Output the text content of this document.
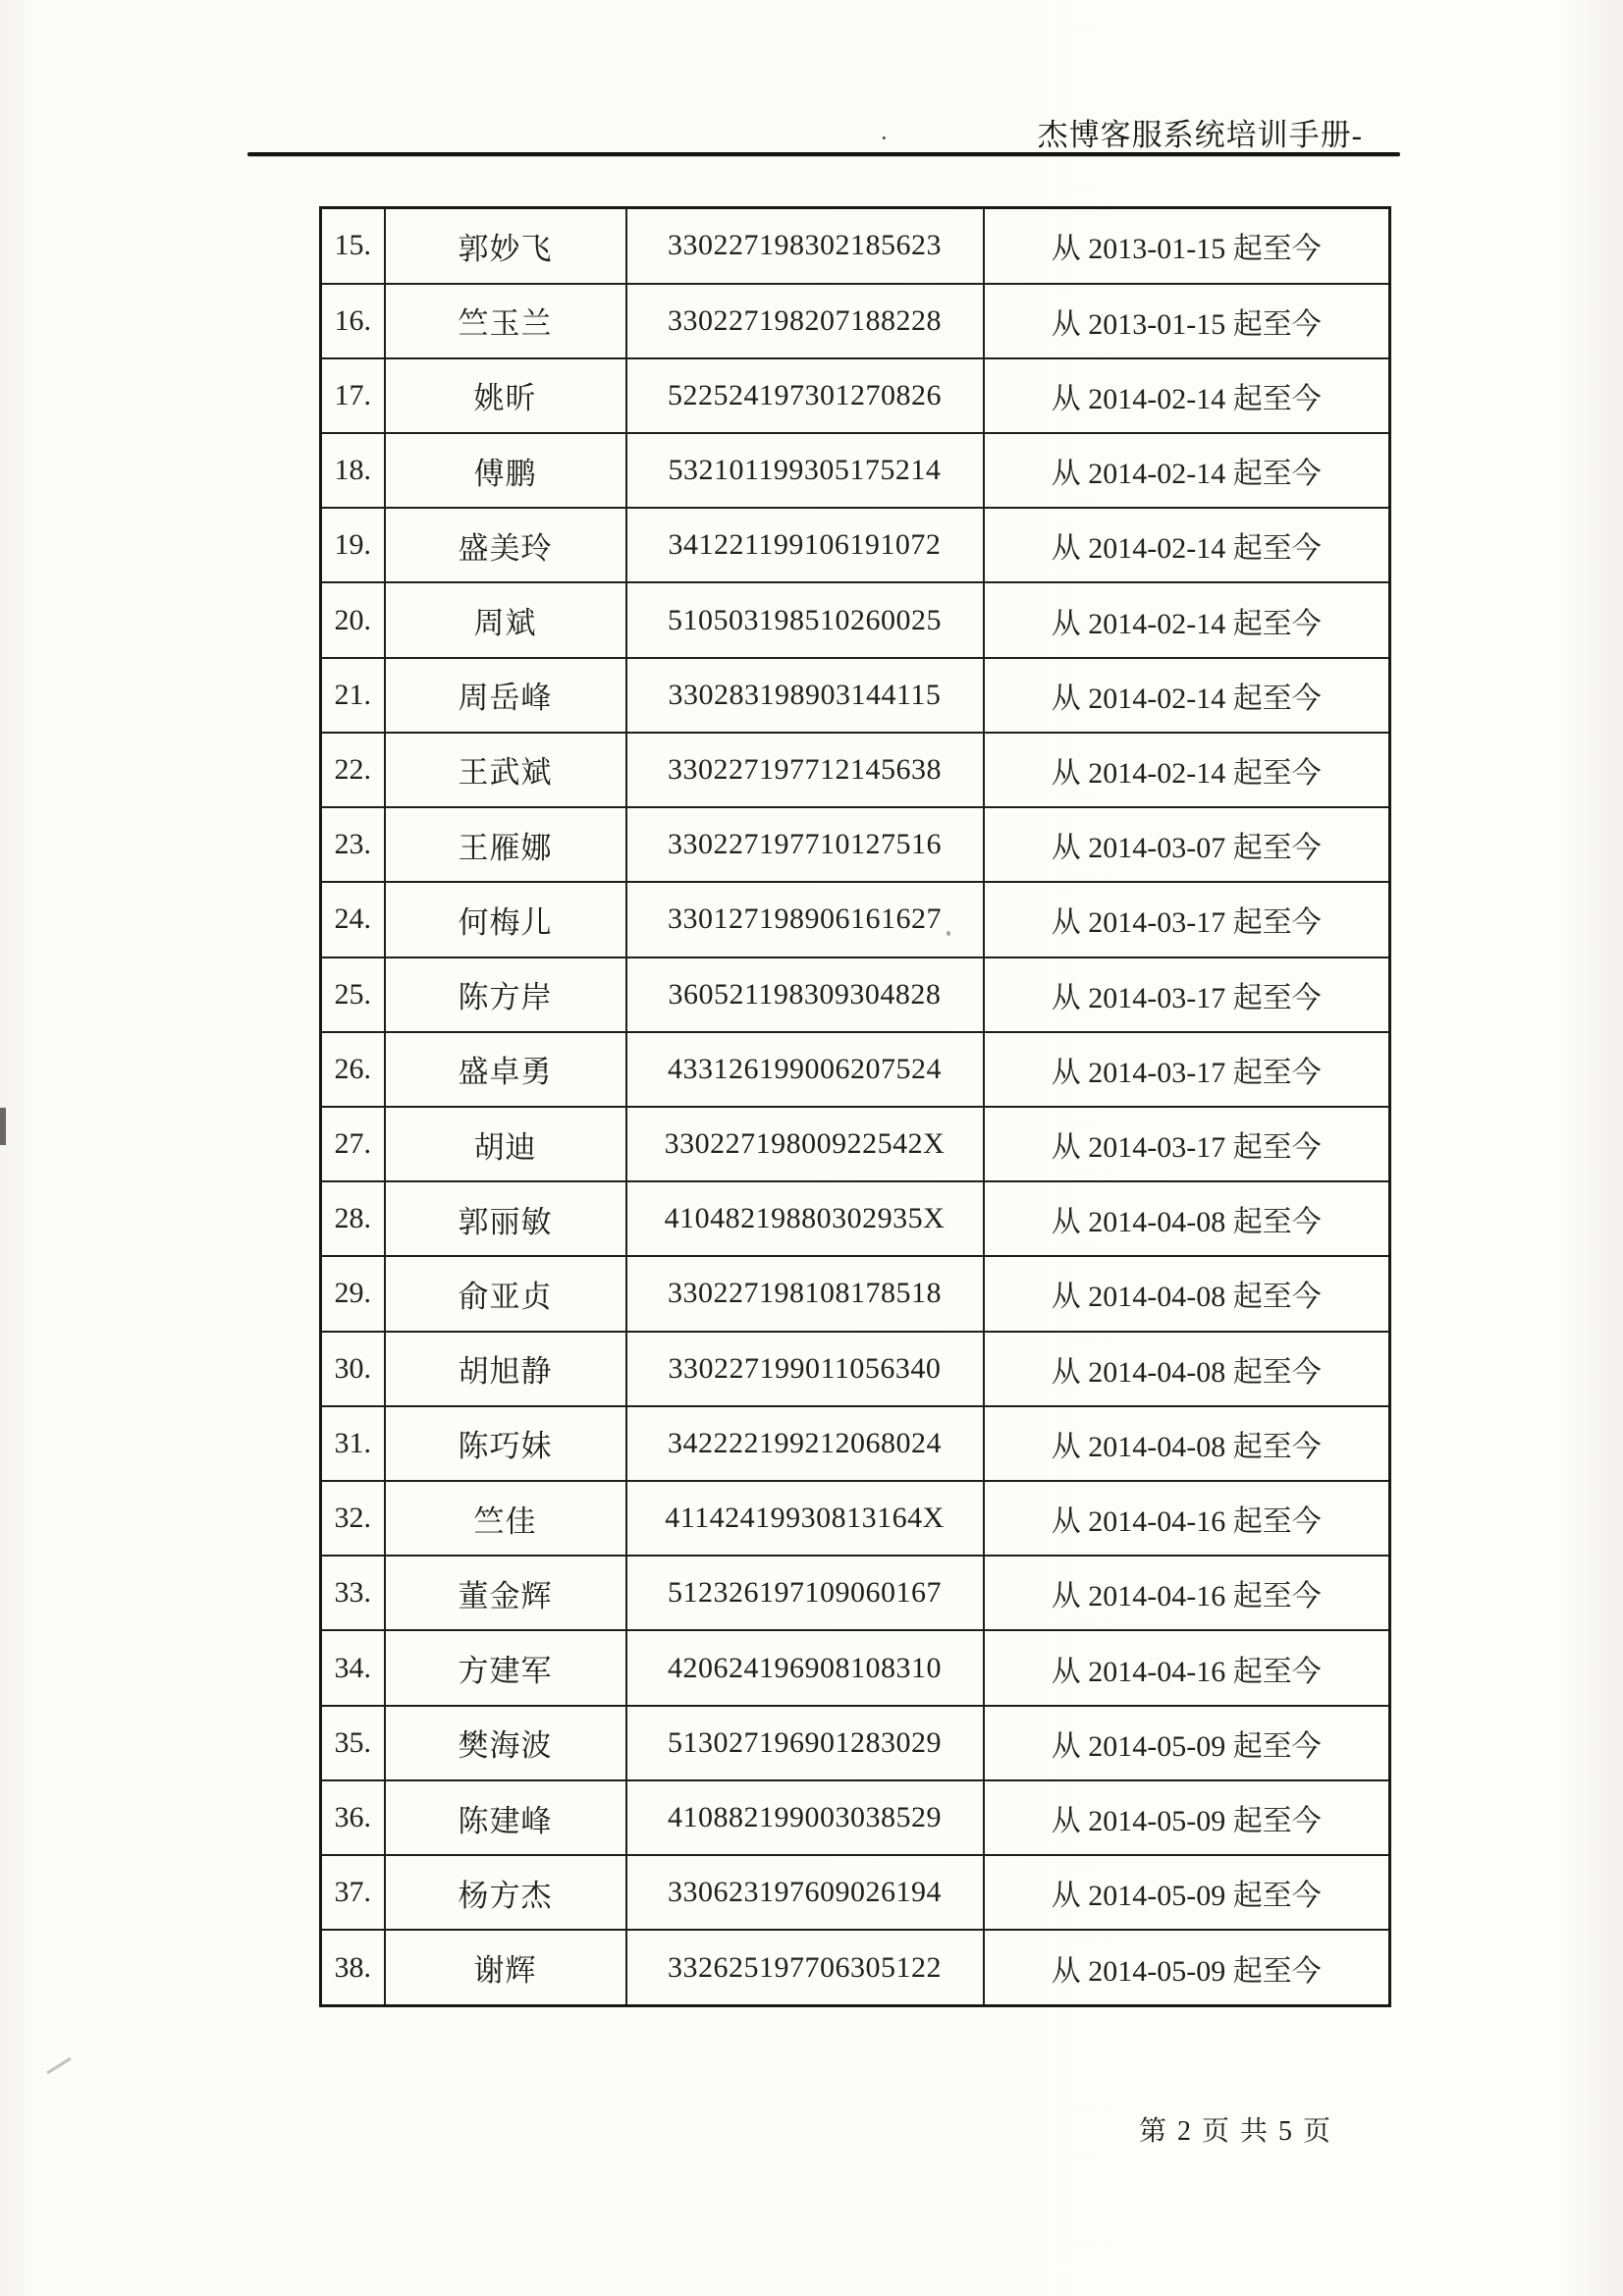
·	杰博客服系统培训手册-
15.	郭妙飞	330227198302185623	从 2013-01-15 起至今
16.	竺玉兰	330227198207188228	从 2013-01-15 起至今
17.	姚昕	522524197301270826	从 2014-02-14 起至今
18.	傅鹏	532101199305175214	从 2014-02-14 起至今
19.	盛美玲	341221199106191072	从 2014-02-14 起至今
20.	周斌	510503198510260025	从 2014-02-14 起至今
21.	周岳峰	330283198903144115	从 2014-02-14 起至今
22.	王武斌	330227197712145638	从 2014-02-14 起至今
23.	王雁娜	330227197710127516	从 2014-03-07 起至今
24.	何梅儿	330127198906161627	从 2014-03-17 起至今
25.	陈方岸	360521198309304828	从 2014-03-17 起至今
26.	盛卓勇	433126199006207524	从 2014-03-17 起至今
27.	胡迪	33022719800922542X	从 2014-03-17 起至今
28.	郭丽敏	41048219880302935X	从 2014-04-08 起至今
29.	俞亚贞	330227198108178518	从 2014-04-08 起至今
30.	胡旭静	330227199011056340	从 2014-04-08 起至今
31.	陈巧妹	342222199212068024	从 2014-04-08 起至今
32.	竺佳	41142419930813164X	从 2014-04-16 起至今
33.	董金辉	512326197109060167	从 2014-04-16 起至今
34.	方建军	420624196908108310	从 2014-04-16 起至今
35.	樊海波	513027196901283029	从 2014-05-09 起至今
36.	陈建峰	410882199003038529	从 2014-05-09 起至今
37.	杨方杰	330623197609026194	从 2014-05-09 起至今
38.	谢辉	332625197706305122	从 2014-05-09 起至今
第 2 页 共 5 页
